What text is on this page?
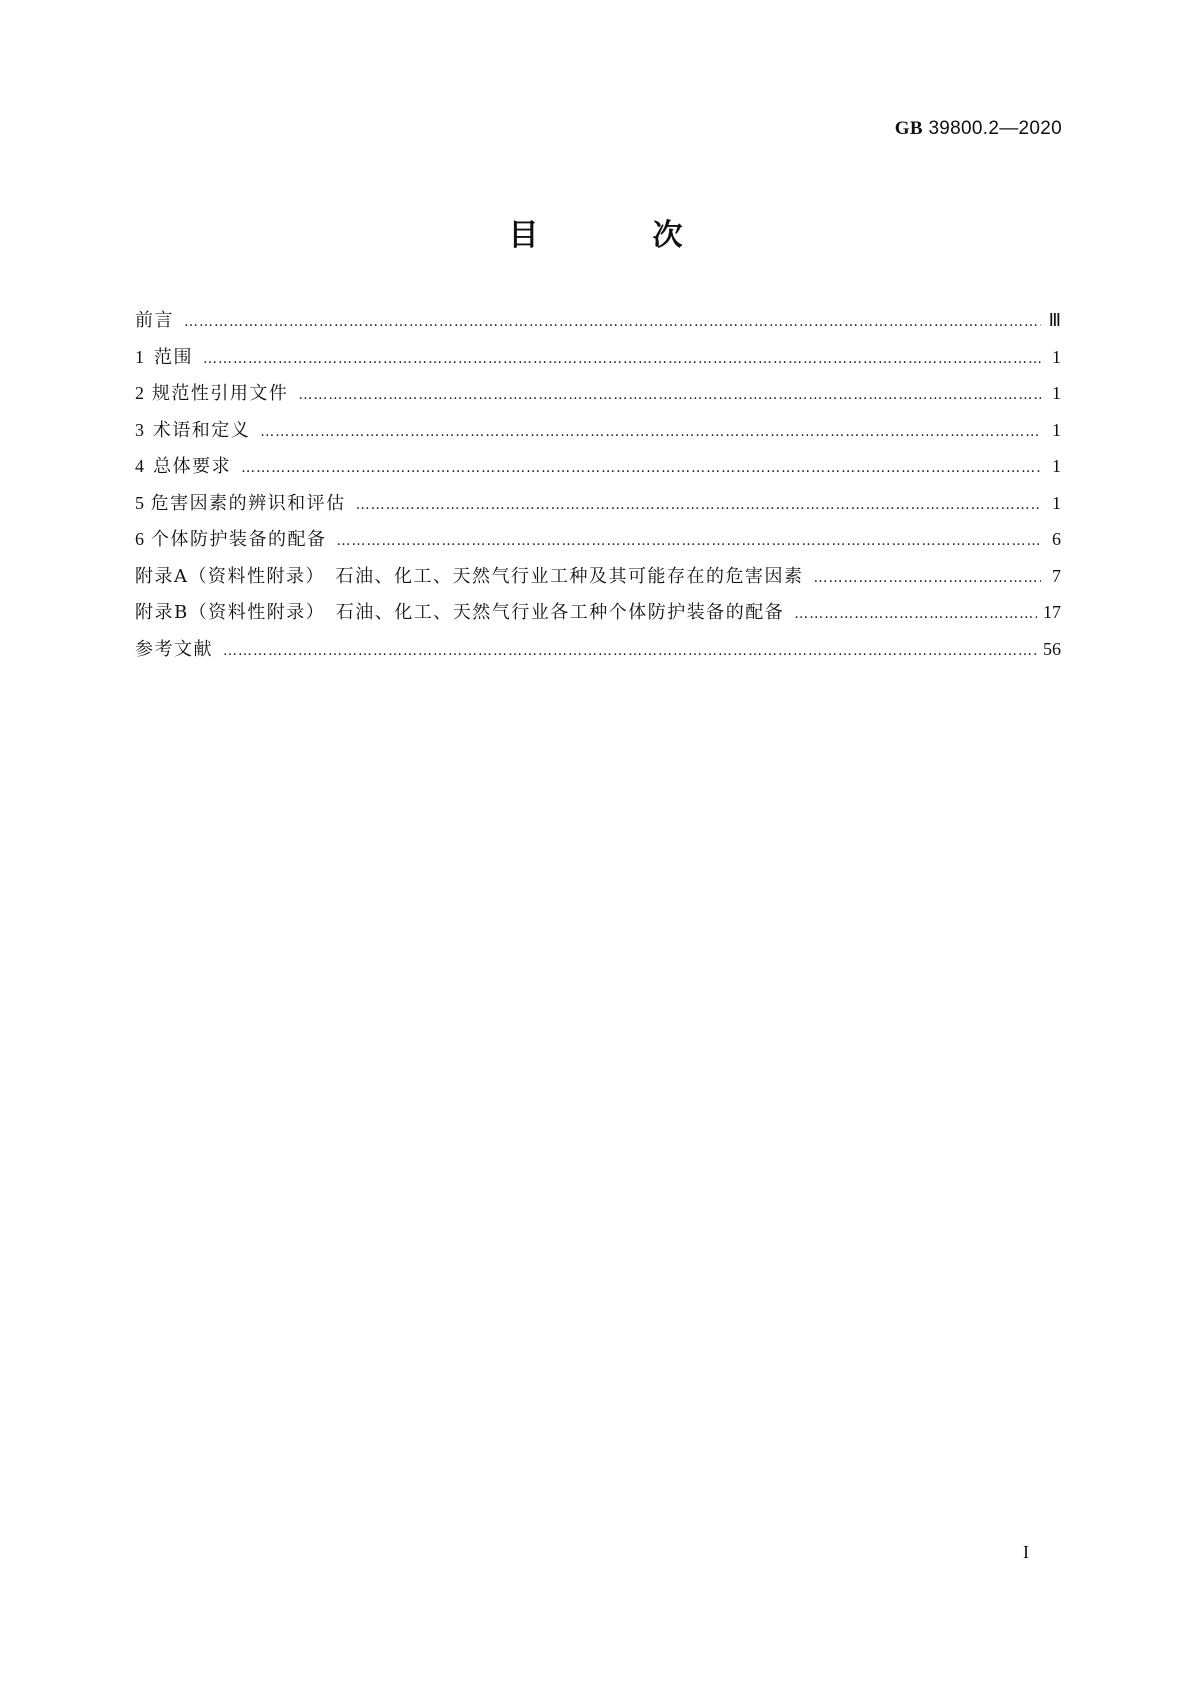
GB 39800.2—2020
目　次
前言 …………………………………………………………………………………………………………………………………………………………………………………………………………………………………………	Ⅲ
1 范围 …………………………………………………………………………………………………………………………………………………………………………………………………………………………………………	1
2 规范性引用文件 …………………………………………………………………………………………………………………………………………………………………………………………………………………………………………	1
3 术语和定义 …………………………………………………………………………………………………………………………………………………………………………………………………………………………………………	1
4 总体要求 …………………………………………………………………………………………………………………………………………………………………………………………………………………………………………	1
5 危害因素的辨识和评估 …………………………………………………………………………………………………………………………………………………………………………………………………………………………………………	1
6 个体防护装备的配备 …………………………………………………………………………………………………………………………………………………………………………………………………………………………………………	6
附录A（资料性附录）　石油、化工、天然气行业工种及其可能存在的危害因素 …………………………………………………………………………………………………………………………………………………………………………………………………………………………………………	7
附录B（资料性附录）　石油、化工、天然气行业各工种个体防护装备的配备 …………………………………………………………………………………………………………………………………………………………………………………………………………………………………………	17
参考文献 …………………………………………………………………………………………………………………………………………………………………………………………………………………………………………	56
I
